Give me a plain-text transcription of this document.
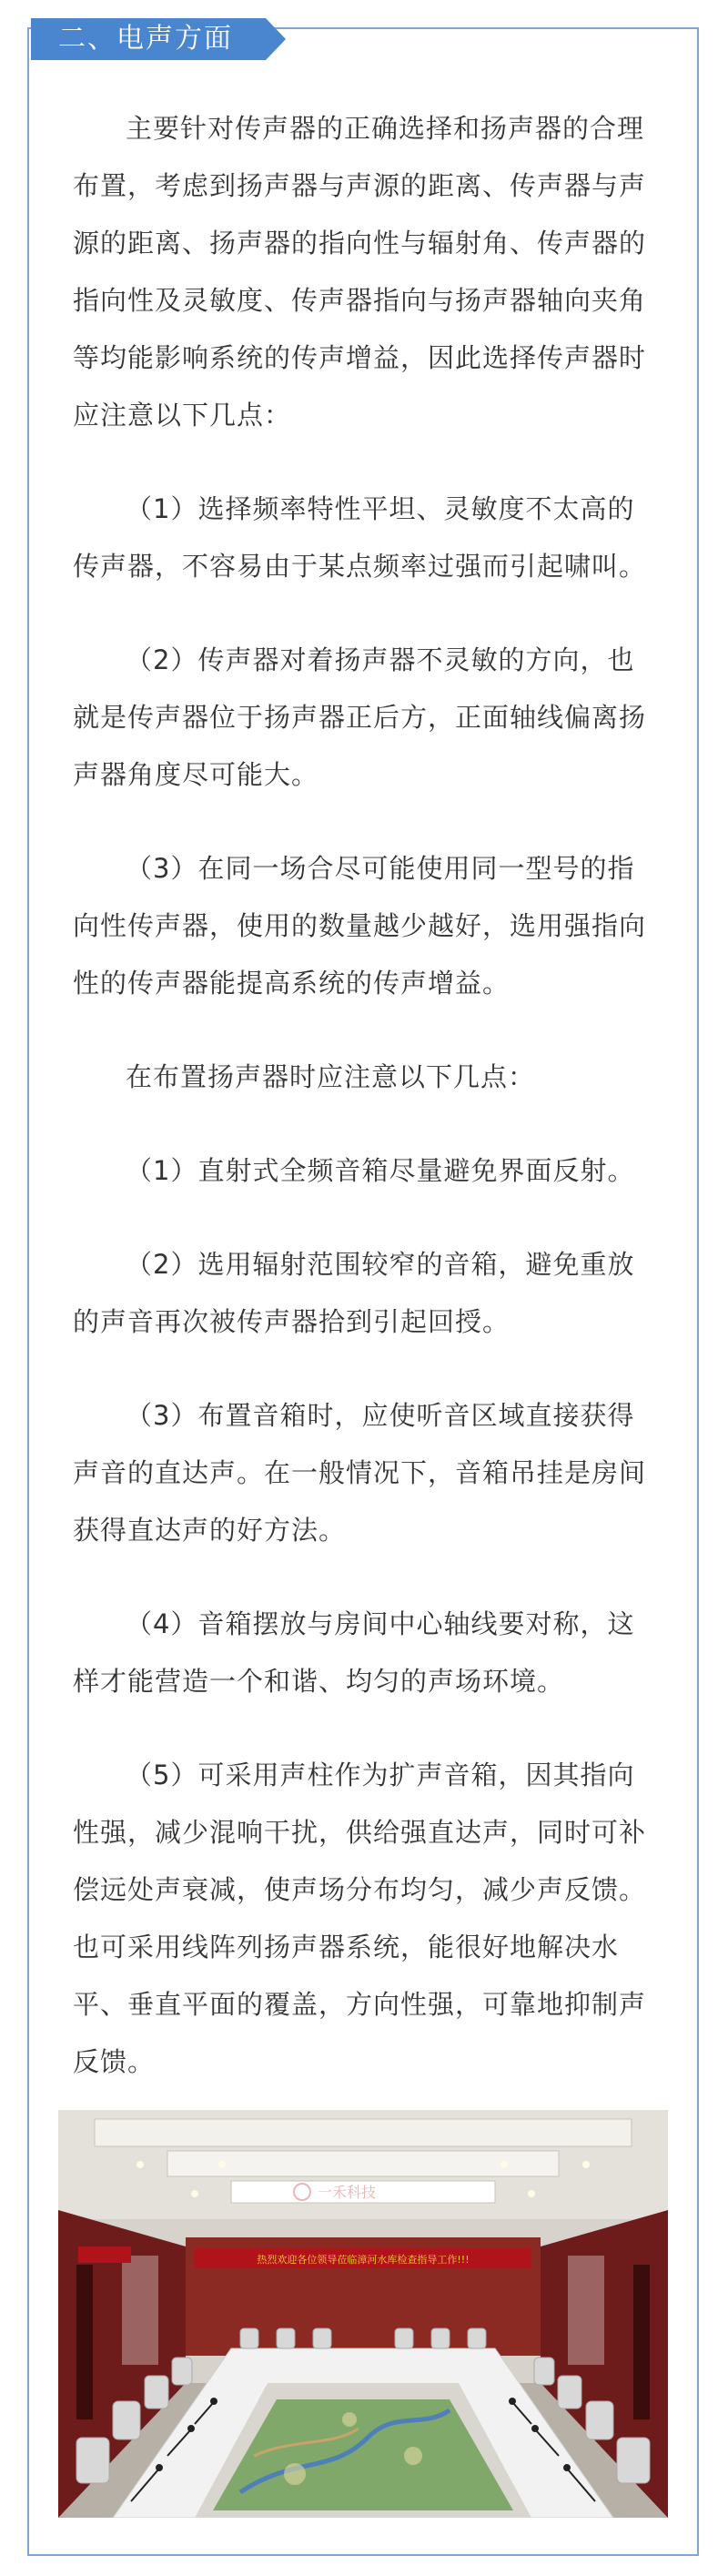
二、电声方面

主要针对传声器的正确选择和扬声器的合理布置，考虑到扬声器与声源的距离、传声器与声源的距离、扬声器的指向性与辐射角、传声器的指向性及灵敏度、传声器指向与扬声器轴向夹角等均能影响系统的传声增益，因此选择传声器时应注意以下几点：

（1）选择频率特性平坦、灵敏度不太高的传声器，不容易由于某点频率过强而引起啸叫。

（2）传声器对着扬声器不灵敏的方向，也就是传声器位于扬声器正后方，正面轴线偏离扬声器角度尽可能大。

（3）在同一场合尽可能使用同一型号的指向性传声器，使用的数量越少越好，选用强指向性的传声器能提高系统的传声增益。

在布置扬声器时应注意以下几点：

（1）直射式全频音箱尽量避免界面反射。

（2）选用辐射范围较窄的音箱，避免重放的声音再次被传声器拾到引起回授。

（3）布置音箱时，应使听音区域直接获得声音的直达声。在一般情况下，音箱吊挂是房间获得直达声的好方法。

（4）音箱摆放与房间中心轴线要对称，这样才能营造一个和谐、均匀的声场环境。

（5）可采用声柱作为扩声音箱，因其指向性强，减少混响干扰，供给强直达声，同时可补偿远处声衰减，使声场分布均匀，减少声反馈。也可采用线阵列扬声器系统，能很好地解决水平、垂直平面的覆盖，方向性强，可靠地抑制声反馈。

热烈欢迎各位领导莅临漳河水库检查指导工作!!!
一禾科技
